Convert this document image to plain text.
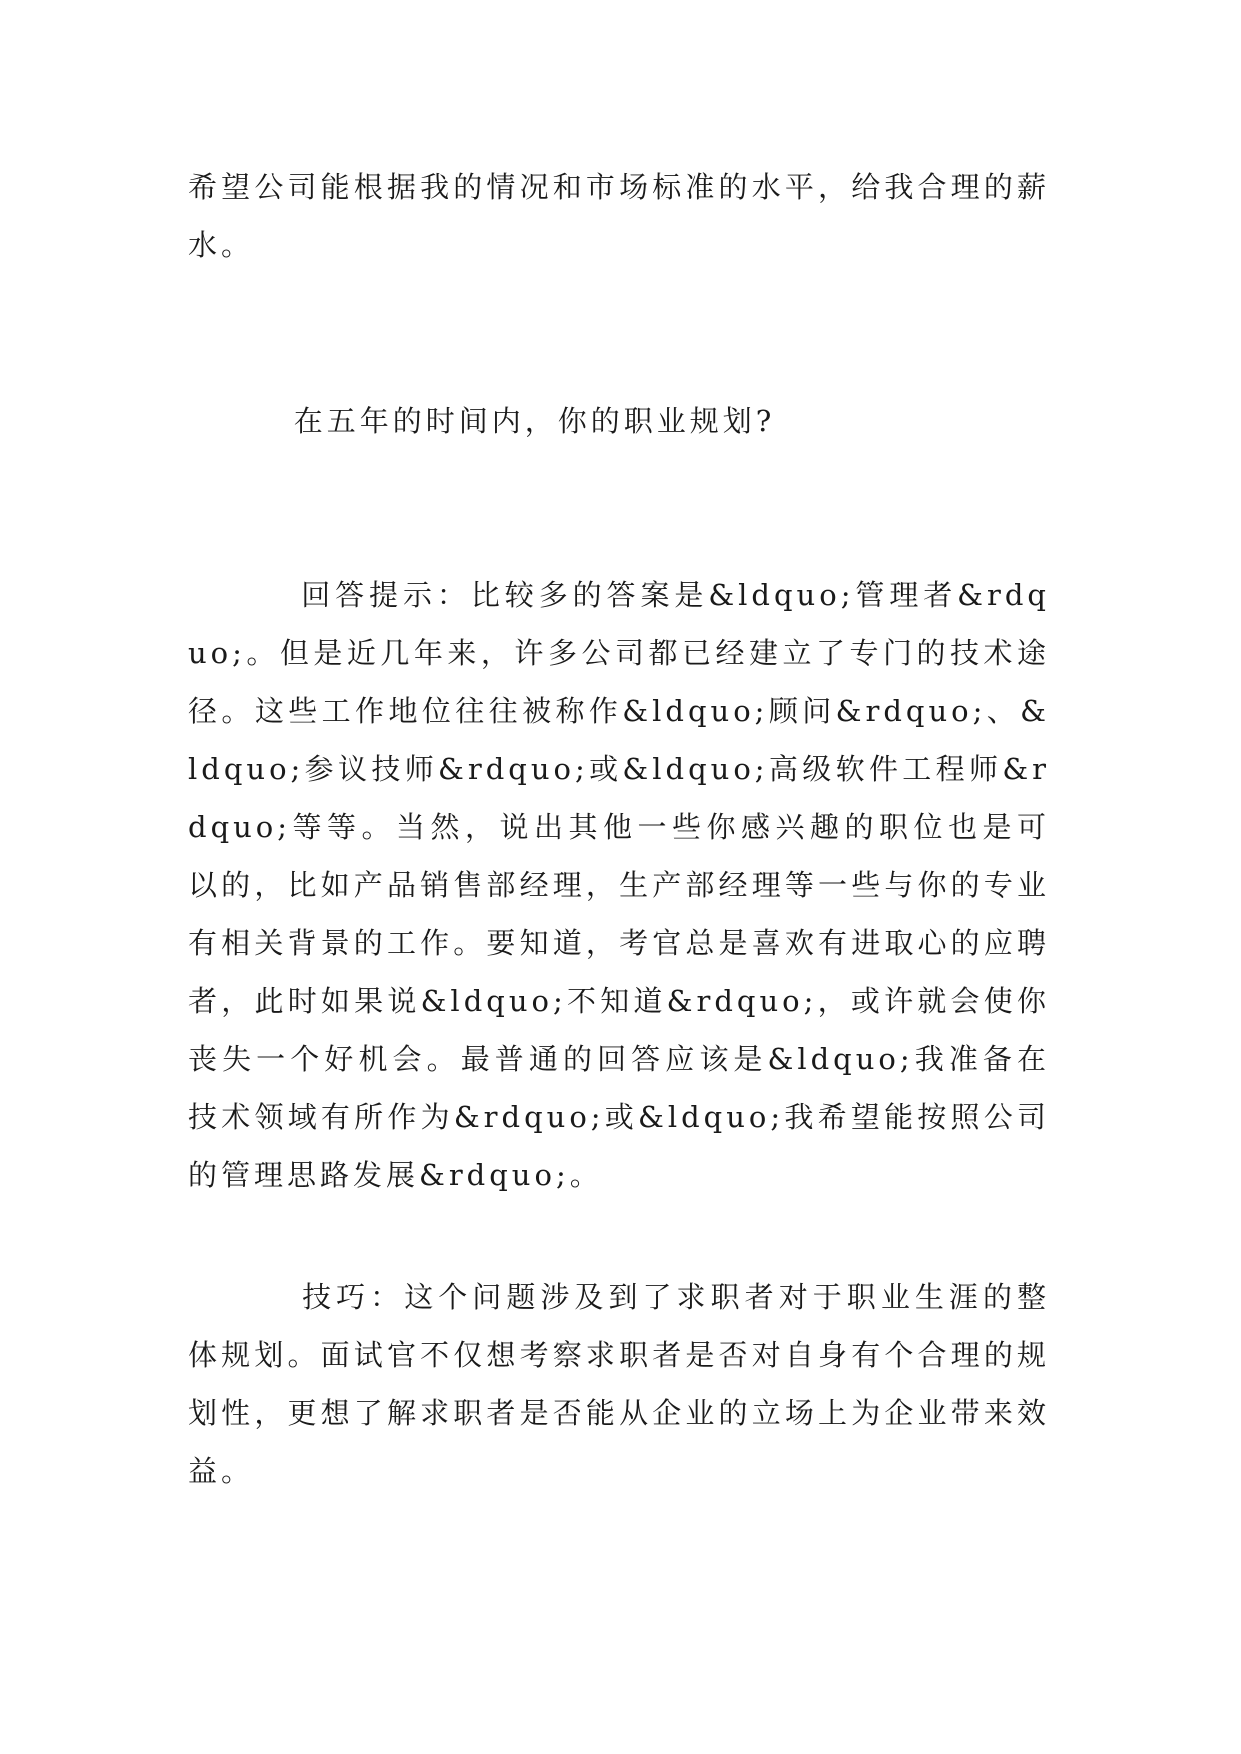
希望公司能根据我的情况和市场标准的水平，给我合理的薪水。

在五年的时间内，你的职业规划?

回答提示：比较多的答案是&ldquo;管理者&rdquo;。但是近几年来，许多公司都已经建立了专门的技术途径。这些工作地位往往被称作&ldquo;顾问&rdquo;、&ldquo;参议技师&rdquo;或&ldquo;高级软件工程师&rdquo;等等。当然，说出其他一些你感兴趣的职位也是可以的，比如产品销售部经理，生产部经理等一些与你的专业有相关背景的工作。要知道，考官总是喜欢有进取心的应聘者，此时如果说&ldquo;不知道&rdquo;，或许就会使你丧失一个好机会。最普通的回答应该是&ldquo;我准备在技术领域有所作为&rdquo;或&ldquo;我希望能按照公司的管理思路发展&rdquo;。

技巧：这个问题涉及到了求职者对于职业生涯的整体规划。面试官不仅想考察求职者是否对自身有个合理的规划性，更想了解求职者是否能从企业的立场上为企业带来效益。
